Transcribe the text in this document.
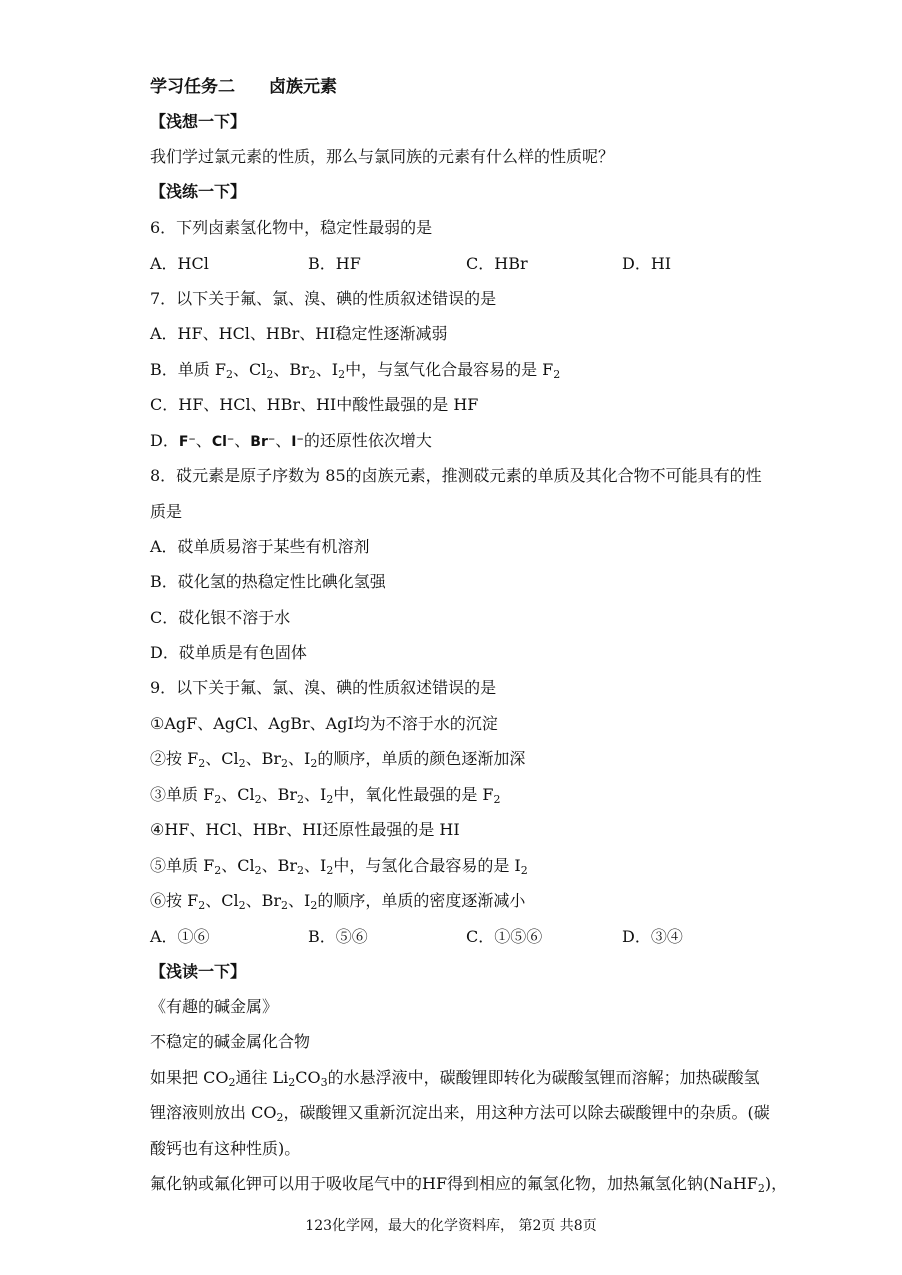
学习任务二　　卤族元素
【浅想一下】
我们学过氯元素的性质，那么与氯同族的元素有什么样的性质呢？
【浅练一下】
6．下列卤素氢化物中，稳定性最弱的是
A．HCl	B．HF	C．HBr	D．HI
7．以下关于氟、氯、溴、碘的性质叙述错误的是
A．HF、HCl、HBr、HI稳定性逐渐减弱
B．单质 $F_2$、$Cl_2$、$Br_2$、$I_2$中，与氢气化合最容易的是 $F_2$
C．HF、HCl、HBr、HI中酸性最强的是 HF
D．F⁻、Cl⁻、Br⁻、I⁻的还原性依次增大
8．砹元素是原子序数为 85的卤族元素，推测砹元素的单质及其化合物不可能具有的性
质是
A．砹单质易溶于某些有机溶剂
B．砹化氢的热稳定性比碘化氢强
C．砹化银不溶于水
D．砹单质是有色固体
9．以下关于氟、氯、溴、碘的性质叙述错误的是
①AgF、AgCl、AgBr、AgI均为不溶于水的沉淀
②按 $F_2$、$Cl_2$、$Br_2$、$I_2$的顺序，单质的颜色逐渐加深
③单质 $F_2$、$Cl_2$、$Br_2$、$I_2$中，氧化性最强的是 $F_2$
④HF、HCl、HBr、HI还原性最强的是 HI
⑤单质 $F_2$、$Cl_2$、$Br_2$、$I_2$中，与氢化合最容易的是 $I_2$
⑥按 $F_2$、$Cl_2$、$Br_2$、$I_2$的顺序，单质的密度逐渐减小
A．①⑥	B．⑤⑥	C．①⑤⑥	D．③④
【浅读一下】
《有趣的碱金属》
不稳定的碱金属化合物
如果把 $CO_2$通往 $Li_2CO_3$的水悬浮液中，碳酸锂即转化为碳酸氢锂而溶解；加热碳酸氢
锂溶液则放出 $CO_2$，碳酸锂又重新沉淀出来，用这种方法可以除去碳酸锂中的杂质。(碳
酸钙也有这种性质)。
氟化钠或氟化钾可以用于吸收尾气中的HF得到相应的氟氢化物，加热氟氢化钠(NaHF$_2$)，
123化学网，最大的化学资料库， 第2页 共8页
